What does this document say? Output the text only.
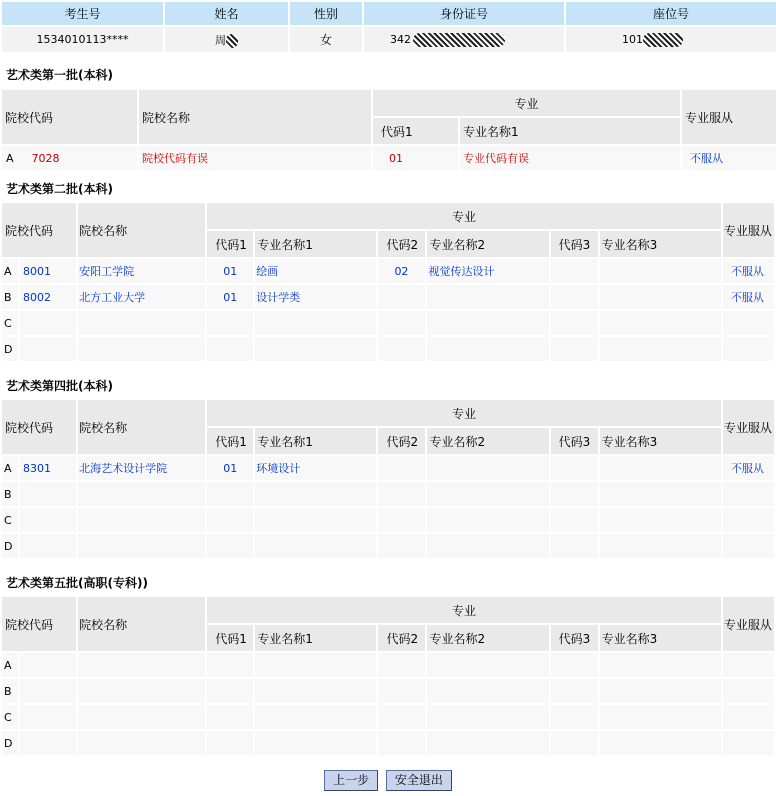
考生号	姓名	性别	身份证号	座位号
1534010113****	周	女	342	101
艺术类第一批(本科)
院校代码	院校名称	专业		专业服从
		代码1	专业名称1	
A 7028	院校代码有误	01	专业代码有误	不服从
艺术类第二批(本科)
院校代码		院校名称	专业						专业服从
			代码1	专业名称1	代码2	专业名称2	代码3	专业名称3	
A	8001	安阳工学院	01	绘画	02	视觉传达设计			不服从
B	8002	北方工业大学	01	设计学类					不服从
C									
D									
艺术类第四批(本科)
院校代码		院校名称	专业						专业服从
			代码1	专业名称1	代码2	专业名称2	代码3	专业名称3	
A	8301	北海艺术设计学院	01	环境设计					不服从
B									
C									
D									
艺术类第五批(高职(专科))
院校代码		院校名称	专业						专业服从
			代码1	专业名称1	代码2	专业名称2	代码3	专业名称3	
A									
B									
C									
D									
上一步 安全退出
